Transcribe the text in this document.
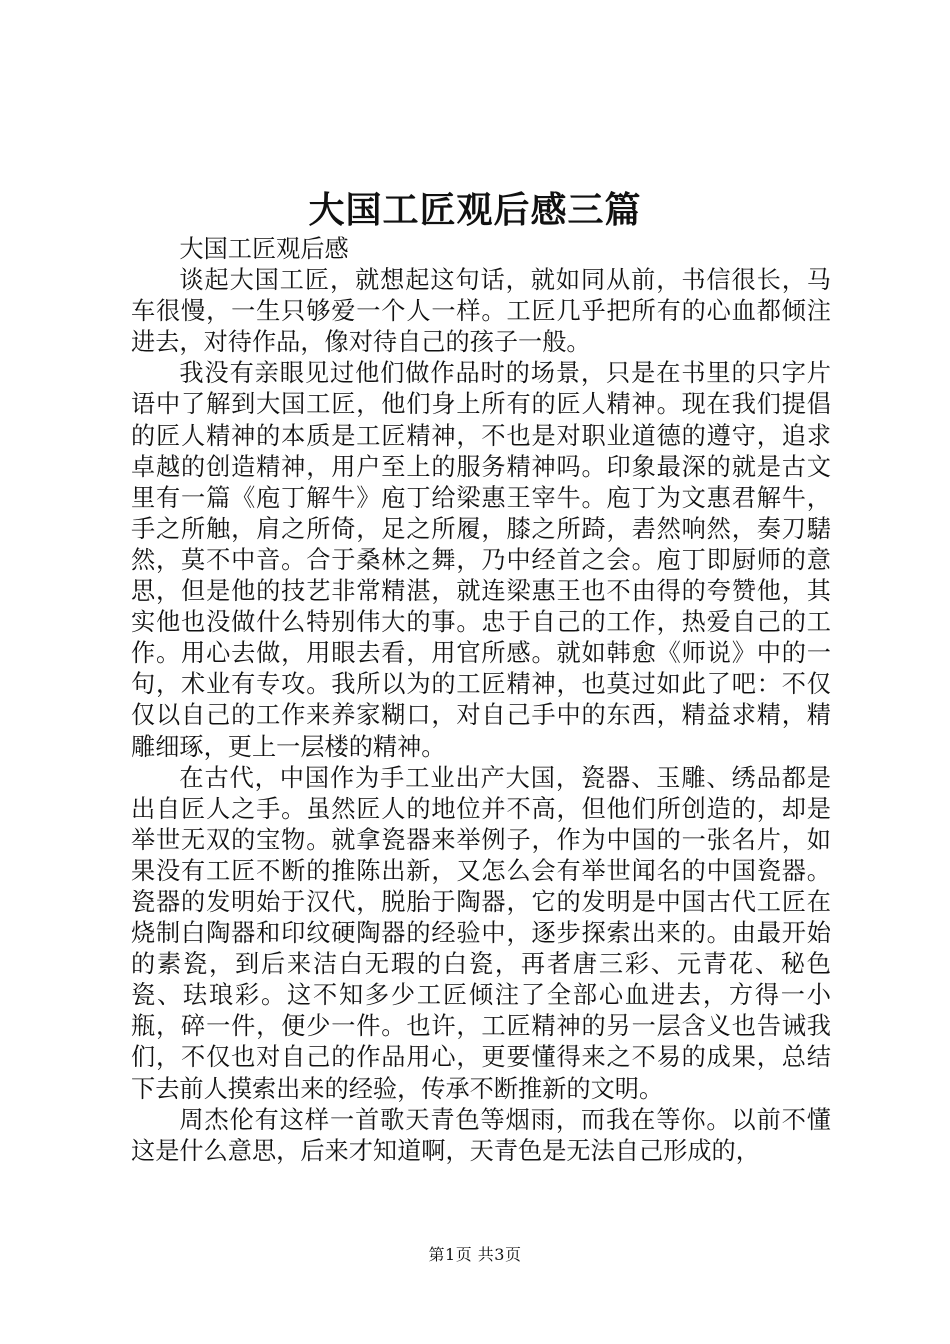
大国工匠观后感三篇

大国工匠观后感

谈起大国工匠，就想起这句话，就如同从前，书信很长，马车很慢，一生只够爱一个人一样。工匠几乎把所有的心血都倾注进去，对待作品，像对待自己的孩子一般。

我没有亲眼见过他们做作品时的场景，只是在书里的只字片语中了解到大国工匠，他们身上所有的匠人精神。现在我们提倡的匠人精神的本质是工匠精神，不也是对职业道德的遵守，追求卓越的创造精神，用户至上的服务精神吗。印象最深的就是古文里有一篇《庖丁解牛》庖丁给梁惠王宰牛。庖丁为文惠君解牛，手之所触，肩之所倚，足之所履，膝之所踦，砉然响然，奏刀騞然，莫不中音。合于桑林之舞，乃中经首之会。庖丁即厨师的意思，但是他的技艺非常精湛，就连梁惠王也不由得的夸赞他，其实他也没做什么特别伟大的事。忠于自己的工作，热爱自己的工作。用心去做，用眼去看，用官所感。就如韩愈《师说》中的一句，术业有专攻。我所以为的工匠精神，也莫过如此了吧：不仅仅以自己的工作来养家糊口，对自己手中的东西，精益求精，精雕细琢，更上一层楼的精神。

在古代，中国作为手工业出产大国，瓷器、玉雕、绣品都是出自匠人之手。虽然匠人的地位并不高，但他们所创造的，却是举世无双的宝物。就拿瓷器来举例子，作为中国的一张名片，如果没有工匠不断的推陈出新，又怎么会有举世闻名的中国瓷器。瓷器的发明始于汉代，脱胎于陶器，它的发明是中国古代工匠在烧制白陶器和印纹硬陶器的经验中，逐步探索出来的。由最开始的素瓷，到后来洁白无瑕的白瓷，再者唐三彩、元青花、秘色瓷、珐琅彩。这不知多少工匠倾注了全部心血进去，方得一小瓶，碎一件，便少一件。也许，工匠精神的另一层含义也告诫我们，不仅也对自己的作品用心，更要懂得来之不易的成果，总结下去前人摸索出来的经验，传承不断推新的文明。

周杰伦有这样一首歌天青色等烟雨，而我在等你。以前不懂这是什么意思，后来才知道啊，天青色是无法自己形成的，

第1页 共3页
